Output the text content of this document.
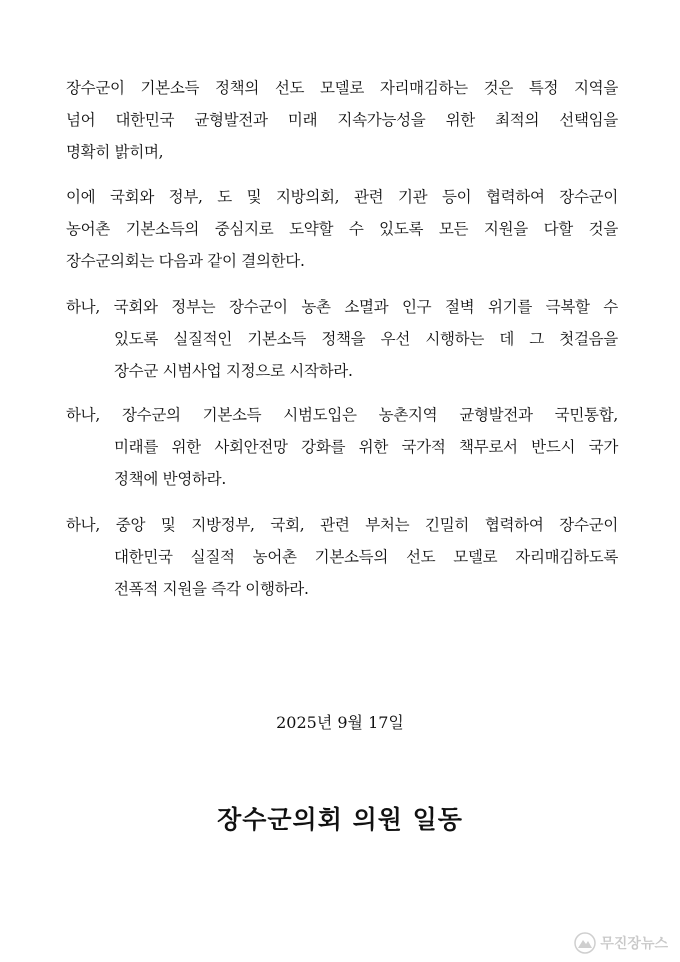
장수군이 기본소득 정책의 선도 모델로 자리매김하는 것은 특정 지역을
넘어 대한민국 균형발전과 미래 지속가능성을 위한 최적의 선택임을
명확히 밝히며,
이에 국회와 정부, 도 및 지방의회, 관련 기관 등이 협력하여 장수군이
농어촌 기본소득의 중심지로 도약할 수 있도록 모든 지원을 다할 것을
장수군의회는 다음과 같이 결의한다.
하나, 국회와 정부는 장수군이 농촌 소멸과 인구 절벽 위기를 극복할 수
있도록 실질적인 기본소득 정책을 우선 시행하는 데 그 첫걸음을
장수군 시범사업 지정으로 시작하라.
하나, 장수군의 기본소득 시범도입은 농촌지역 균형발전과 국민통합,
미래를 위한 사회안전망 강화를 위한 국가적 책무로서 반드시 국가
정책에 반영하라.
하나, 중앙 및 지방정부, 국회, 관련 부처는 긴밀히 협력하여 장수군이
대한민국 실질적 농어촌 기본소득의 선도 모델로 자리매김하도록
전폭적 지원을 즉각 이행하라.
2025년 9월 17일
장수군의회 의원 일동
무진장뉴스
